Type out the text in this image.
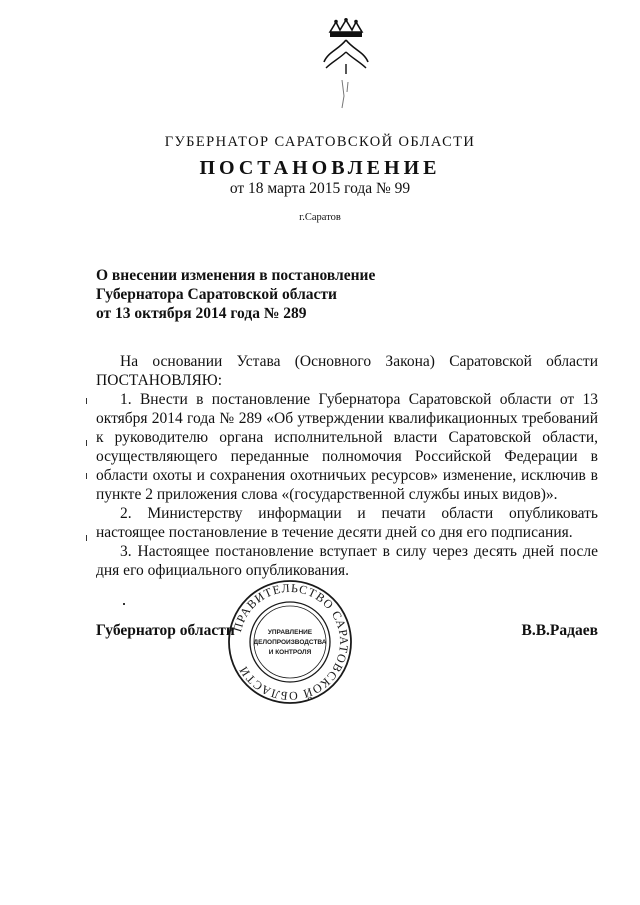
ГУБЕРНАТОР САРАТОВСКОЙ ОБЛАСТИ
ПОСТАНОВЛЕНИЕ
от 18 марта 2015 года № 99
г.Саратов
О внесении изменения в постановление
Губернатора Саратовской области
от 13 октября 2014 года № 289

На основании Устава (Основного Закона) Саратовской области ПОСТАНОВЛЯЮ:

1. Внести в постановление Губернатора Саратовской области от 13 октября 2014 года № 289 «Об утверждении квалификационных требований к руководителю органа исполнительной власти Саратовской области, осуществляющего переданные полномочия Российской Федерации в области охоты и сохранения охотничьих ресурсов» изменение, исключив в пункте 2 приложения слова «(государственной службы иных видов)».

2. Министерству информации и печати области опубликовать настоящее постановление в течение десяти дней со дня его подписания.

3. Настоящее постановление вступает в силу через десять дней после дня его официального опубликования.

Губернатор области	В.В.Радаев
ПРАВИТЕЛЬСТВО САРАТОВСКОЙ ОБЛАСТИ
УПРАВЛЕНИЕ
ДЕЛОПРОИЗВОДСТВА
И КОНТРОЛЯ
